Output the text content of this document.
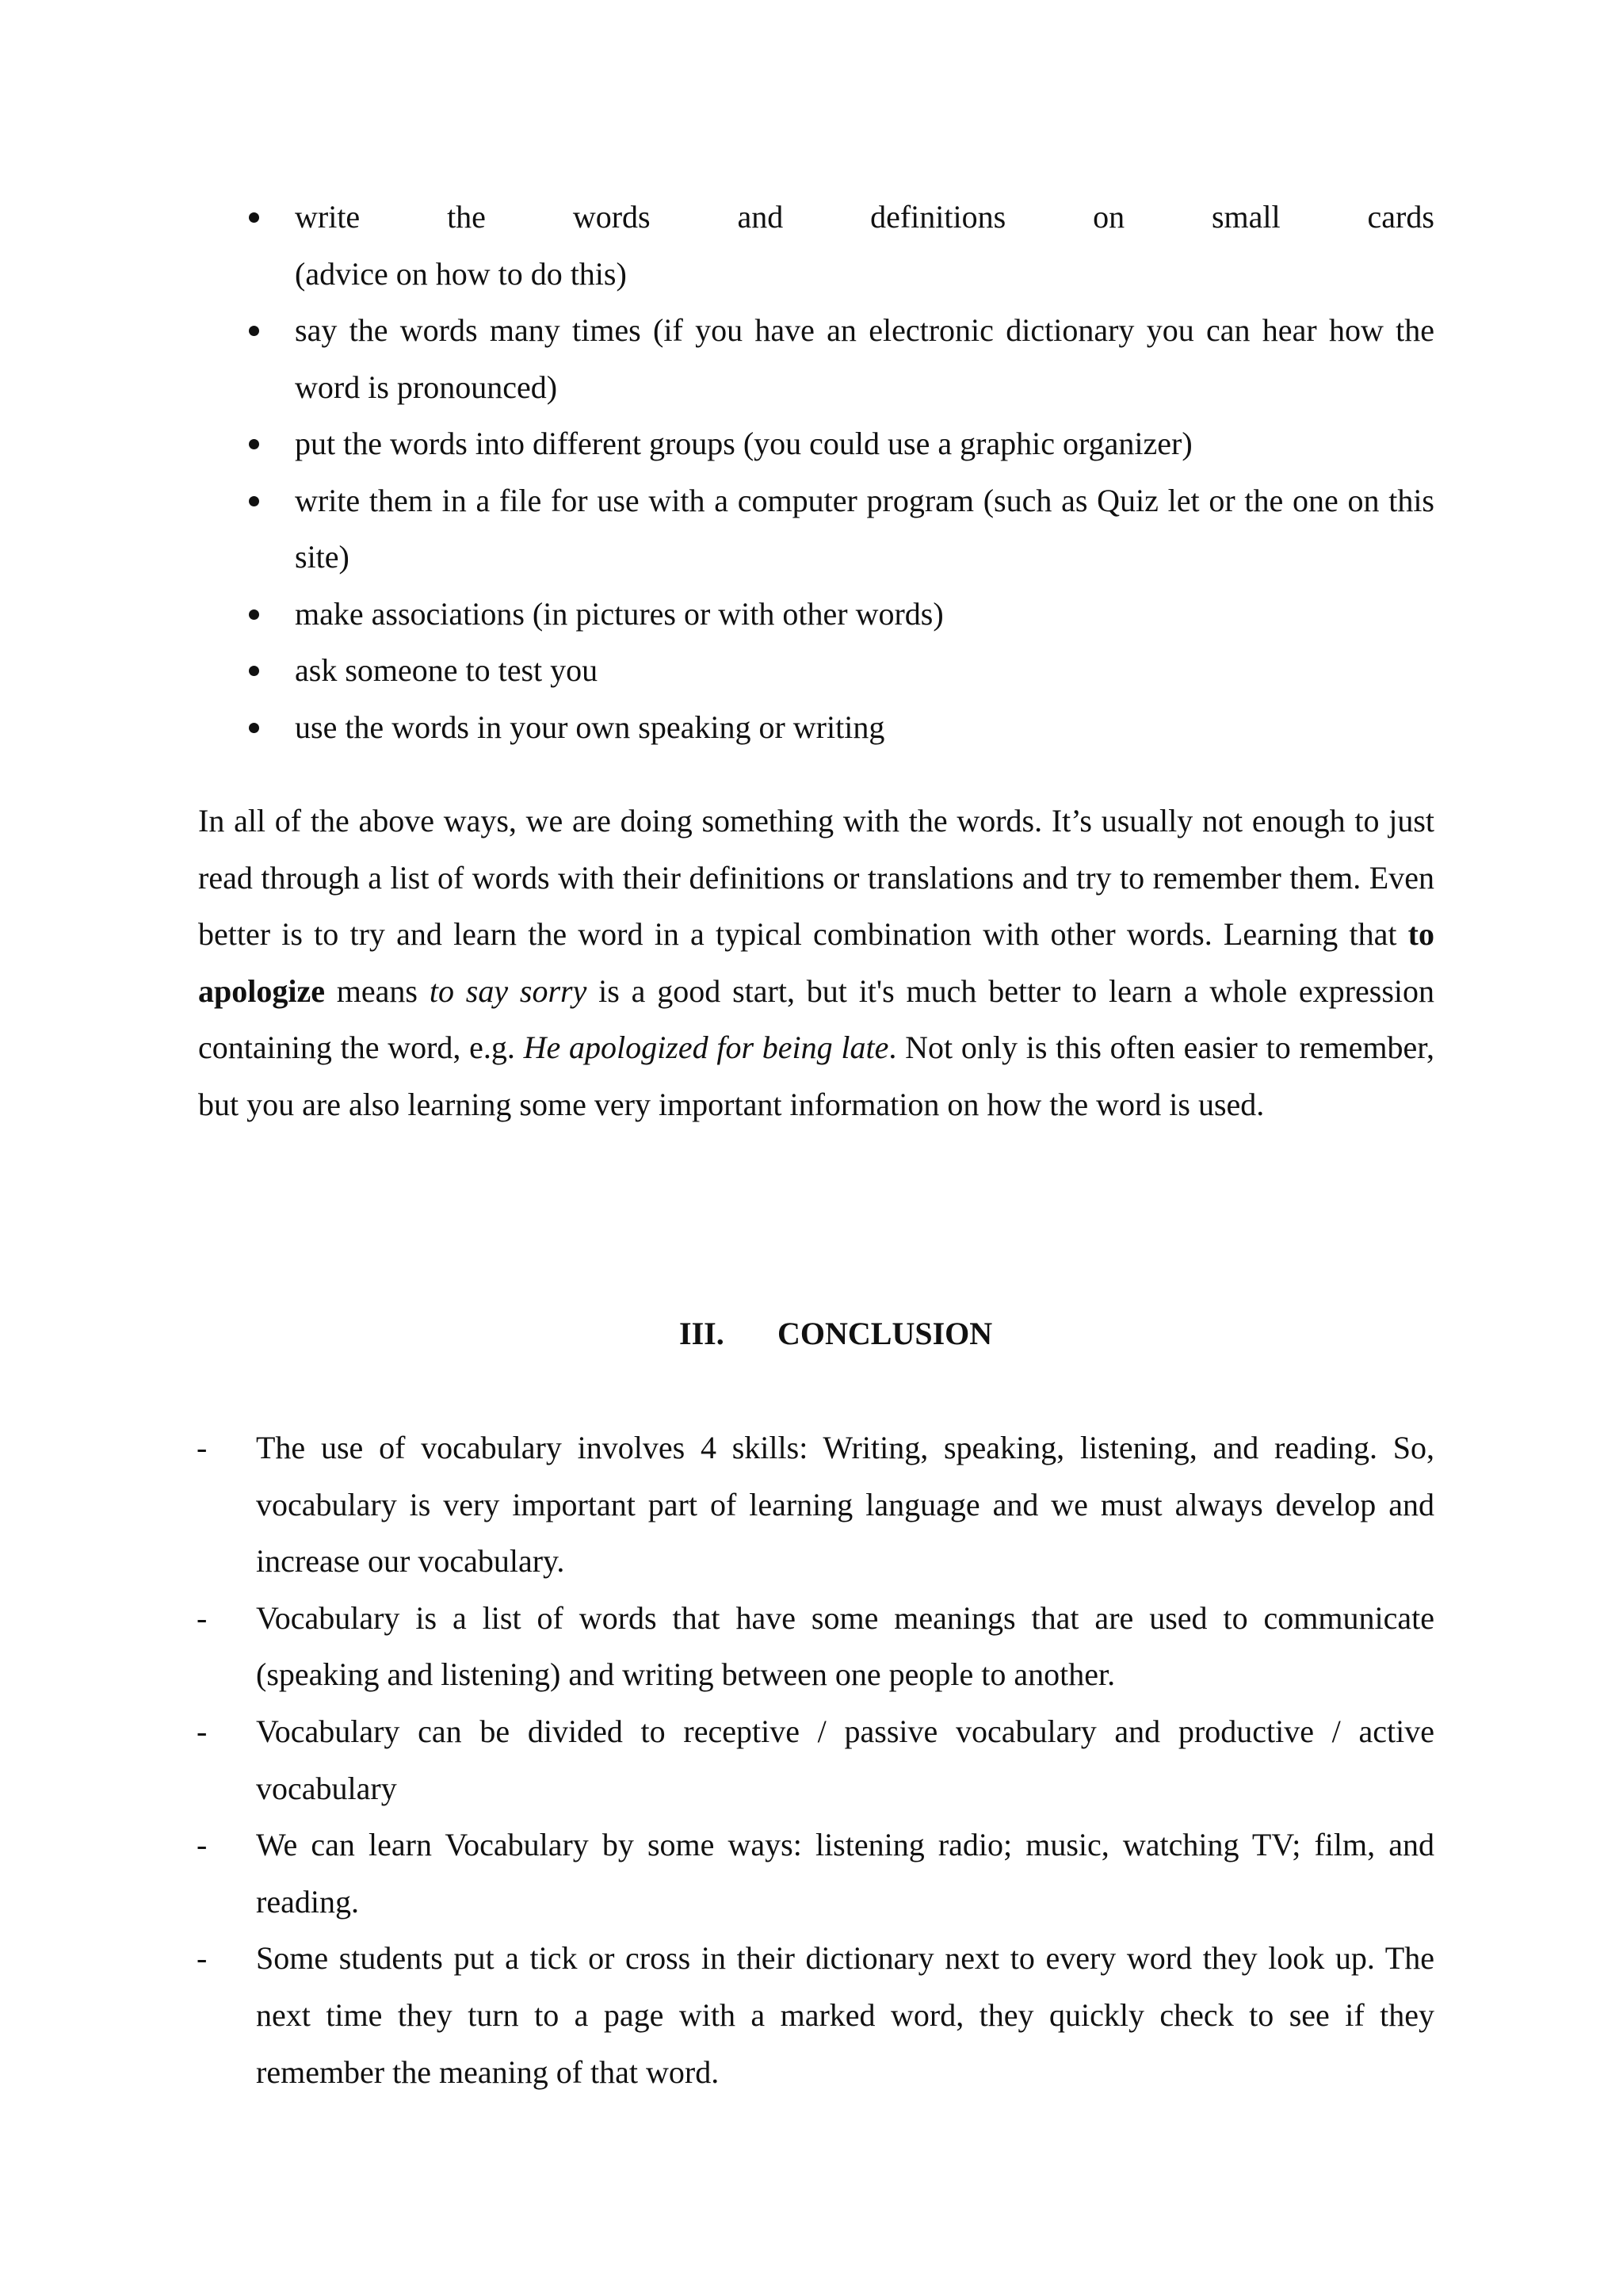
write	the	words	and	definitions	on	small	cards
(advice on how to do this)
say the words many times (if you have an electronic dictionary you can hear how the word is pronounced)
put the words into different groups (you could use a graphic organizer)
write them in a file for use with a computer program (such as Quiz let or the one on this site)
make associations (in pictures or with other words)
ask someone to test you
use the words in your own speaking or writing

In all of the above ways, we are doing something with the words. It’s usually not enough to just read through a list of words with their definitions or translations and try to remember them. Even better is to try and learn the word in a typical combination with other words. Learning that to apologize means to say sorry is a good start, but it's much better to learn a whole expression containing the word, e.g. He apologized for being late. Not only is this often easier to remember, but you are also learning some very important information on how the word is used.

III. CONCLUSION
- The use of vocabulary involves 4 skills: Writing, speaking, listening, and reading. So, vocabulary is very important part of learning language and we must always develop and increase our vocabulary.
- Vocabulary is a list of words that have some meanings that are used to communicate (speaking and listening) and writing between one people to another.
- Vocabulary can be divided to receptive / passive vocabulary and productive / active vocabulary
- We can learn Vocabulary by some ways: listening radio; music, watching TV; film, and reading.
- Some students put a tick or cross in their dictionary next to every word they look up. The next time they turn to a page with a marked word, they quickly check to see if they remember the meaning of that word.
